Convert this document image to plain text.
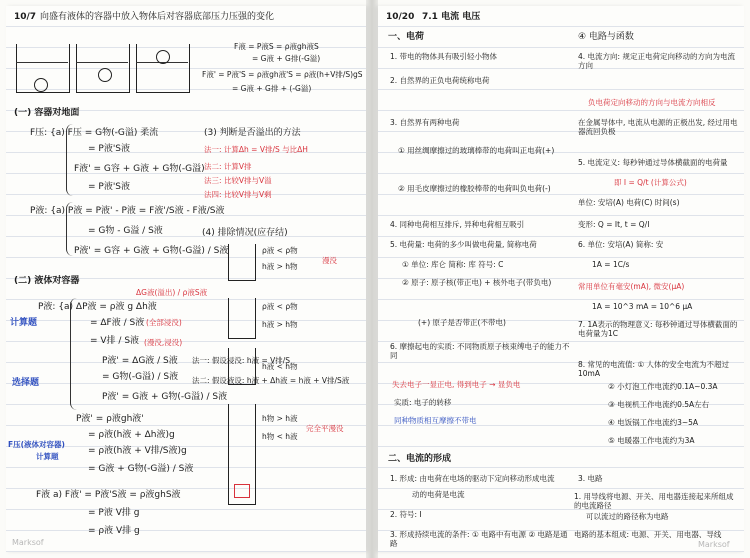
10/7 向盛有液体的容器中放入物体后对容器底部压力压强的变化
F液 = P液S = ρ液gh液S
= G液 + G排(-G溢)
F液' = P液'S = ρ液gh液'S = ρ液(h+V排/S)gS
= G液 + G排 + (-G溢)
(一) 容器对地面
F压: {a) F压 = G物(-G溢) 柔流	(3) 判断是否溢出的方法
= P液'S液	法一: 计算Δh = V排/S 与比ΔH
F液' = G容 + G液 + G物(-G溢) 法二: 计算V排
= P液'S液
法三: 比较V排与V溢
法四: 比较V排与V剩
P液: {a) P液 = P液' - P液 = F液'/S液 - F液/S液
= G物 - G溢 / S液	(4) 排除情况(应存结)
P液' = G容 + G液 + G物(-G溢) / S液	ρ液 < ρ物
h液 > h物
漫没
(二) 液体对容器
P液: {a) ΔP液 = ρ液 g Δh液
ΔG液(溢出) / ρ液S液
= ΔF液 / S液 (全部浸没)
= V排 / S液 (漫没,浸没)
计算题
选择题
P液' = ΔG液 / S液
= G物(-G溢) / S液
法一: 假设浸没: h液 = V排/S
法二: 假设液设: h液 + Δh液 = h液 + V排/S液
P液' = G液 + G物(-G溢) / S液
P液' = ρ液gh液'
= ρ液(h液 + Δh液)g
= ρ液(h液 + V排/S液)g
= G液 + G物(-G溢) / S液
F压(液体对容器)
计算题
ρ液 < ρ物
h液 > h物
h液 < h物
h物 > h液
h物 < h液
完全平漫没
F液 a) F液' = P液'S液 = ρ液ghS液
= P液 V排 g
= ρ液 V排 g
Marksof
10/20 7.1 电流 电压
一、电荷	④ 电路与函数
1. 带电的物体具有吸引轻小物体	4. 电流方向: 规定正电荷定向移动的方向为电流方向
2. 自然界的正负电荷统称电荷
负电荷定向移动的方向与电流方向相反
3. 自然界有两种电荷	在金属导体中, 电流从电源的正极出发, 经过用电器流回负极
① 用丝绸摩擦过的玻璃棒带的电荷叫正电荷(+)
5. 电流定义: 每秒钟通过导体横截面的电荷量
即 I = Q/t (计算公式)
② 用毛皮摩擦过的橡胶棒带的电荷叫负电荷(-)
单位: 安培(A) 电荷(C) 时间(s)
4. 同种电荷相互排斥, 异种电荷相互吸引	变形: Q = It, t = Q/I
5. 电荷量: 电荷的多少叫做电荷量, 简称电荷	6. 单位: 安培(A) 简称: 安
① 单位: 库仑 简称: 库 符号: C	1A = 1C/s
② 原子: 原子核(带正电) + 核外电子(带负电)	常用单位有毫安(mA), 微安(μA)
1A = 10^3 mA = 10^6 μA
(+) 原子是否带正(不带电)	7. 1A表示的物理意义: 每秒钟通过导体横截面的电荷量为1C
6. 摩擦起电的实质: 不同物质原子核束缚电子的能力不同
8. 常见的电流值: ① 人体的安全电流为不超过10mA
失去电子一显正电, 得到电子 → 显负电	② 小灯泡工作电流约0.1A~0.3A
实质: 电子的转移	③ 电视机工作电流约0.5A左右
同种物质相互摩擦不带电	④ 电饭锅工作电流约3~5A
⑤ 电暖器工作电流约为3A
二、电流的形成
1. 形成: 由电荷在电场的驱动下定向移动形成电流	3. 电路
动的电荷是电流	1. 用导线将电源、开关、用电器连接起来所组成的电流路径
2. 符号: I	可以流过的路径称为电路
3. 形成持续电流的条件: ① 电路中有电源 ② 电路是通路
电路的基本组成: 电源、开关、用电器、导线
Marksof
